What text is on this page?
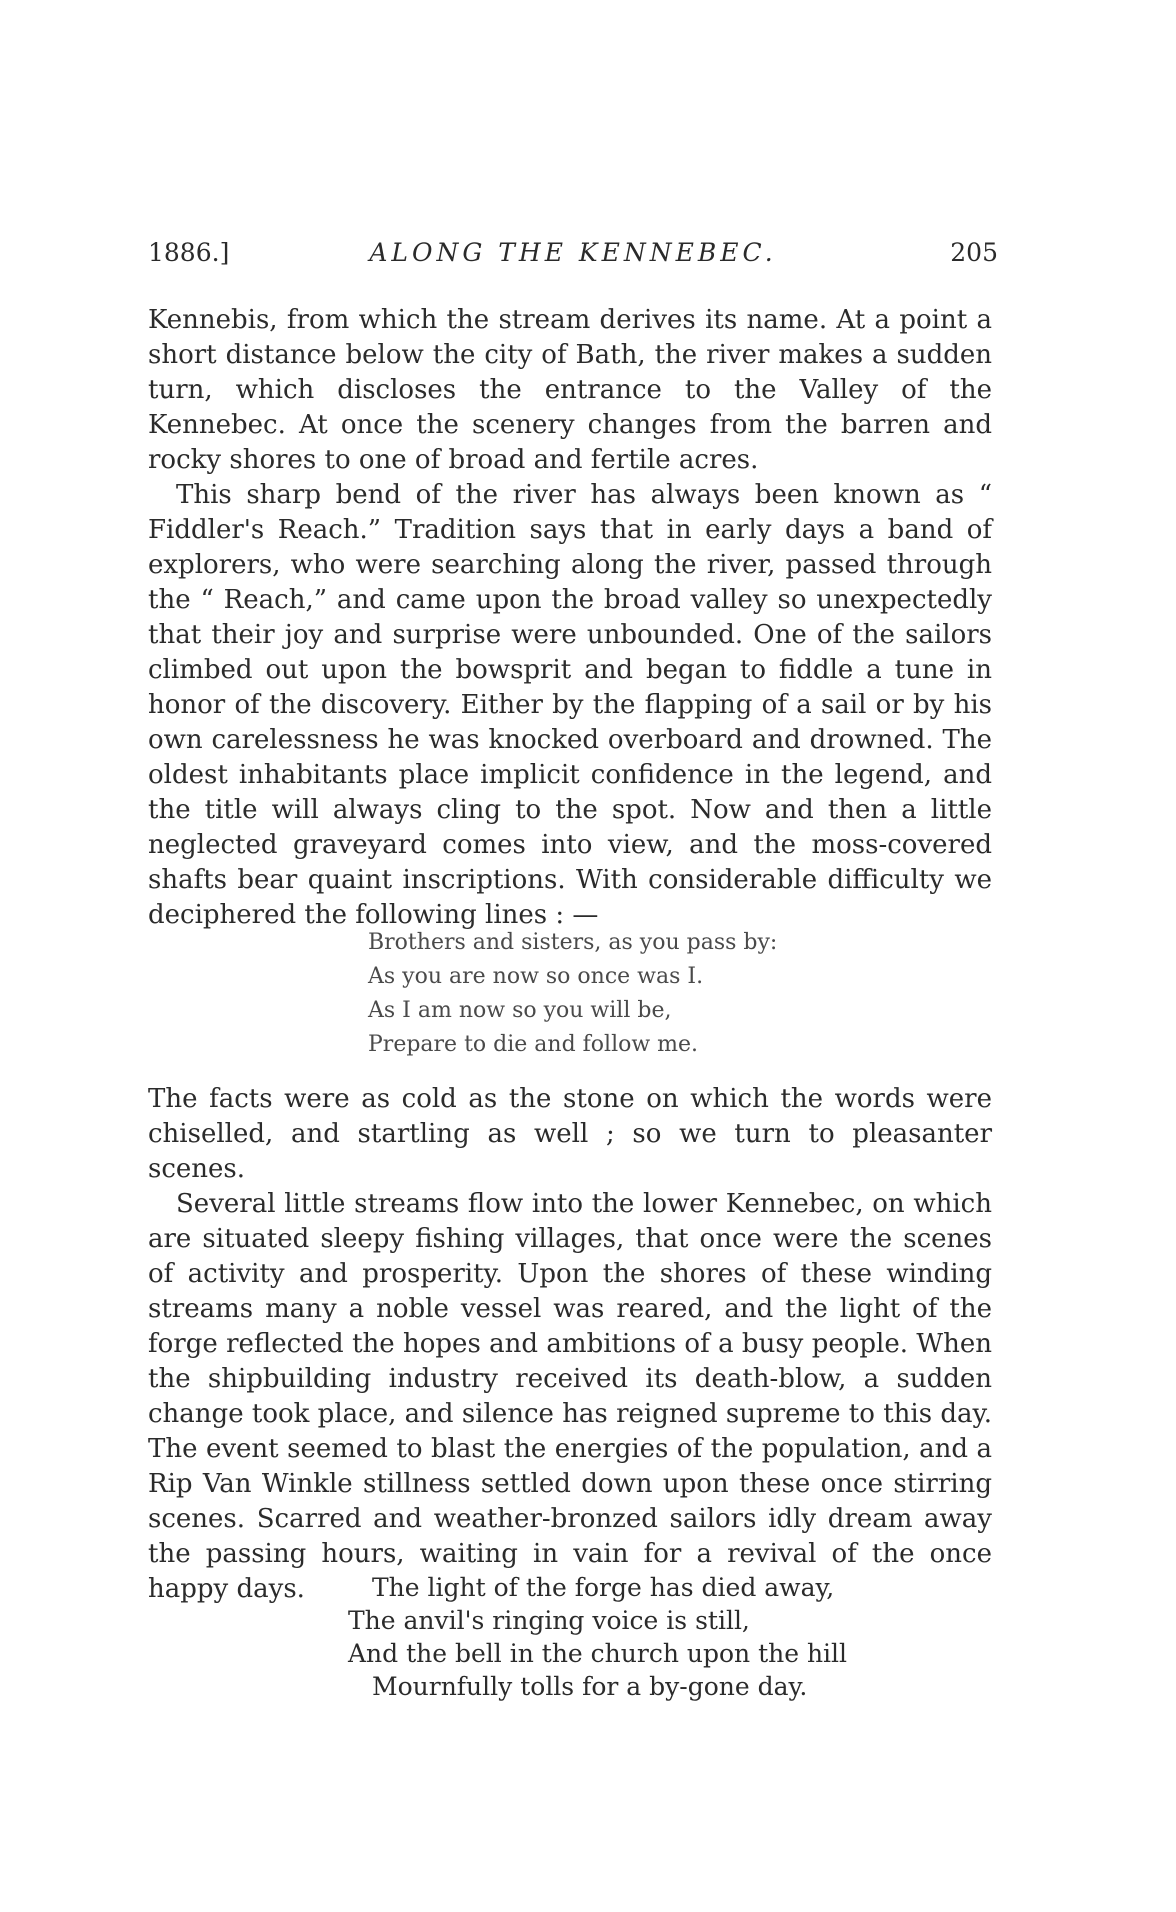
1886.]	ALONG THE KENNEBEC.	205

Kennebis, from which the stream derives its name. At a point a short distance below the city of Bath, the river makes a sudden turn, which discloses the entrance to the Valley of the Kennebec. At once the scenery changes from the barren and rocky shores to one of broad and fertile acres.

This sharp bend of the river has always been known as “ Fiddler's Reach.” Tradition says that in early days a band of explorers, who were searching along the river, passed through the “ Reach,” and came upon the broad valley so unexpectedly that their joy and surprise were unbounded. One of the sailors climbed out upon the bowsprit and began to fiddle a tune in honor of the discovery. Either by the flapping of a sail or by his own carelessness he was knocked overboard and drowned. The oldest inhabitants place implicit confidence in the legend, and the title will always cling to the spot. Now and then a little neglected graveyard comes into view, and the moss-covered shafts bear quaint inscriptions. With considerable difficulty we deciphered the following lines : —

Brothers and sisters, as you pass by:
As you are now so once was I.
As I am now so you will be,
Prepare to die and follow me.

The facts were as cold as the stone on which the words were chiselled, and startling as well ; so we turn to pleasanter scenes.

Several little streams flow into the lower Kennebec, on which are situated sleepy fishing villages, that once were the scenes of activity and prosperity. Upon the shores of these winding streams many a noble vessel was reared, and the light of the forge reflected the hopes and ambitions of a busy people. When the shipbuilding industry received its death-blow, a sudden change took place, and silence has reigned supreme to this day. The event seemed to blast the energies of the population, and a Rip Van Winkle stillness settled down upon these once stirring scenes. Scarred and weather-bronzed sailors idly dream away the passing hours, waiting in vain for a revival of the once happy days.	The light of the forge has died away,
The anvil's ringing voice is still,
And the bell in the church upon the hill
Mournfully tolls for a by-gone day.
